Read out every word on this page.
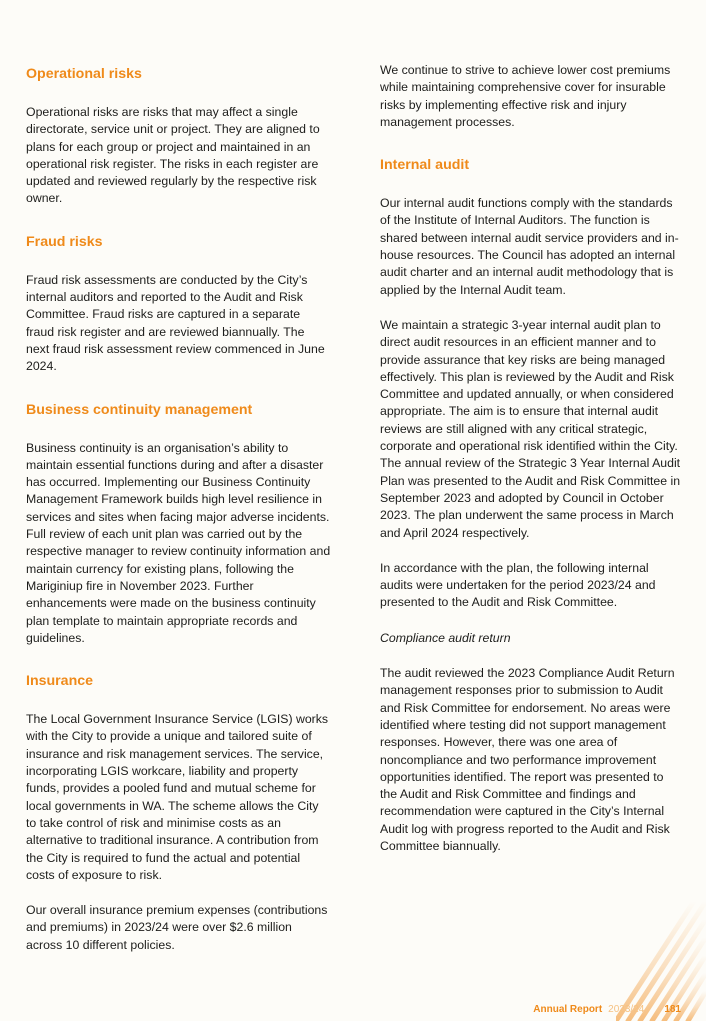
Operational risks
Operational risks are risks that may affect a single directorate, service unit or project. They are aligned to plans for each group or project and maintained in an operational risk register. The risks in each register are updated and reviewed regularly by the respective risk owner.
Fraud risks
Fraud risk assessments are conducted by the City’s internal auditors and reported to the Audit and Risk Committee. Fraud risks are captured in a separate fraud risk register and are reviewed biannually. The next fraud risk assessment review commenced in June 2024.
Business continuity management
Business continuity is an organisation’s ability to maintain essential functions during and after a disaster has occurred. Implementing our Business Continuity Management Framework builds high level resilience in services and sites when facing major adverse incidents. Full review of each unit plan was carried out by the respective manager to review continuity information and maintain currency for existing plans, following the Mariginiup fire in November 2023. Further enhancements were made on the business continuity plan template to maintain appropriate records and guidelines.
Insurance
The Local Government Insurance Service (LGIS) works with the City to provide a unique and tailored suite of insurance and risk management services. The service, incorporating LGIS workcare, liability and property funds, provides a pooled fund and mutual scheme for local governments in WA. The scheme allows the City to take control of risk and minimise costs as an alternative to traditional insurance. A contribution from the City is required to fund the actual and potential costs of exposure to risk.
Our overall insurance premium expenses (contributions and premiums) in 2023/24 were over $2.6 million across 10 different policies.
We continue to strive to achieve lower cost premiums while maintaining comprehensive cover for insurable risks by implementing effective risk and injury management processes.
Internal audit
Our internal audit functions comply with the standards of the Institute of Internal Auditors. The function is shared between internal audit service providers and in-house resources. The Council has adopted an internal audit charter and an internal audit methodology that is applied by the Internal Audit team.
We maintain a strategic 3-year internal audit plan to direct audit resources in an efficient manner and to provide assurance that key risks are being managed effectively. This plan is reviewed by the Audit and Risk Committee and updated annually, or when considered appropriate. The aim is to ensure that internal audit reviews are still aligned with any critical strategic, corporate and operational risk identified within the City. The annual review of the Strategic 3 Year Internal Audit Plan was presented to the Audit and Risk Committee in September 2023 and adopted by Council in October 2023. The plan underwent the same process in March and April 2024 respectively.
In accordance with the plan, the following internal audits were undertaken for the period 2023/24 and presented to the Audit and Risk Committee.
Compliance audit return
The audit reviewed the 2023 Compliance Audit Return management responses prior to submission to Audit and Risk Committee for endorsement. No areas were identified where testing did not support management responses. However, there was one area of noncompliance and two performance improvement opportunities identified. The report was presented to the Audit and Risk Committee and findings and recommendation were captured in the City’s Internal Audit log with progress reported to the Audit and Risk Committee biannually.
Annual Report 2023/24 181
